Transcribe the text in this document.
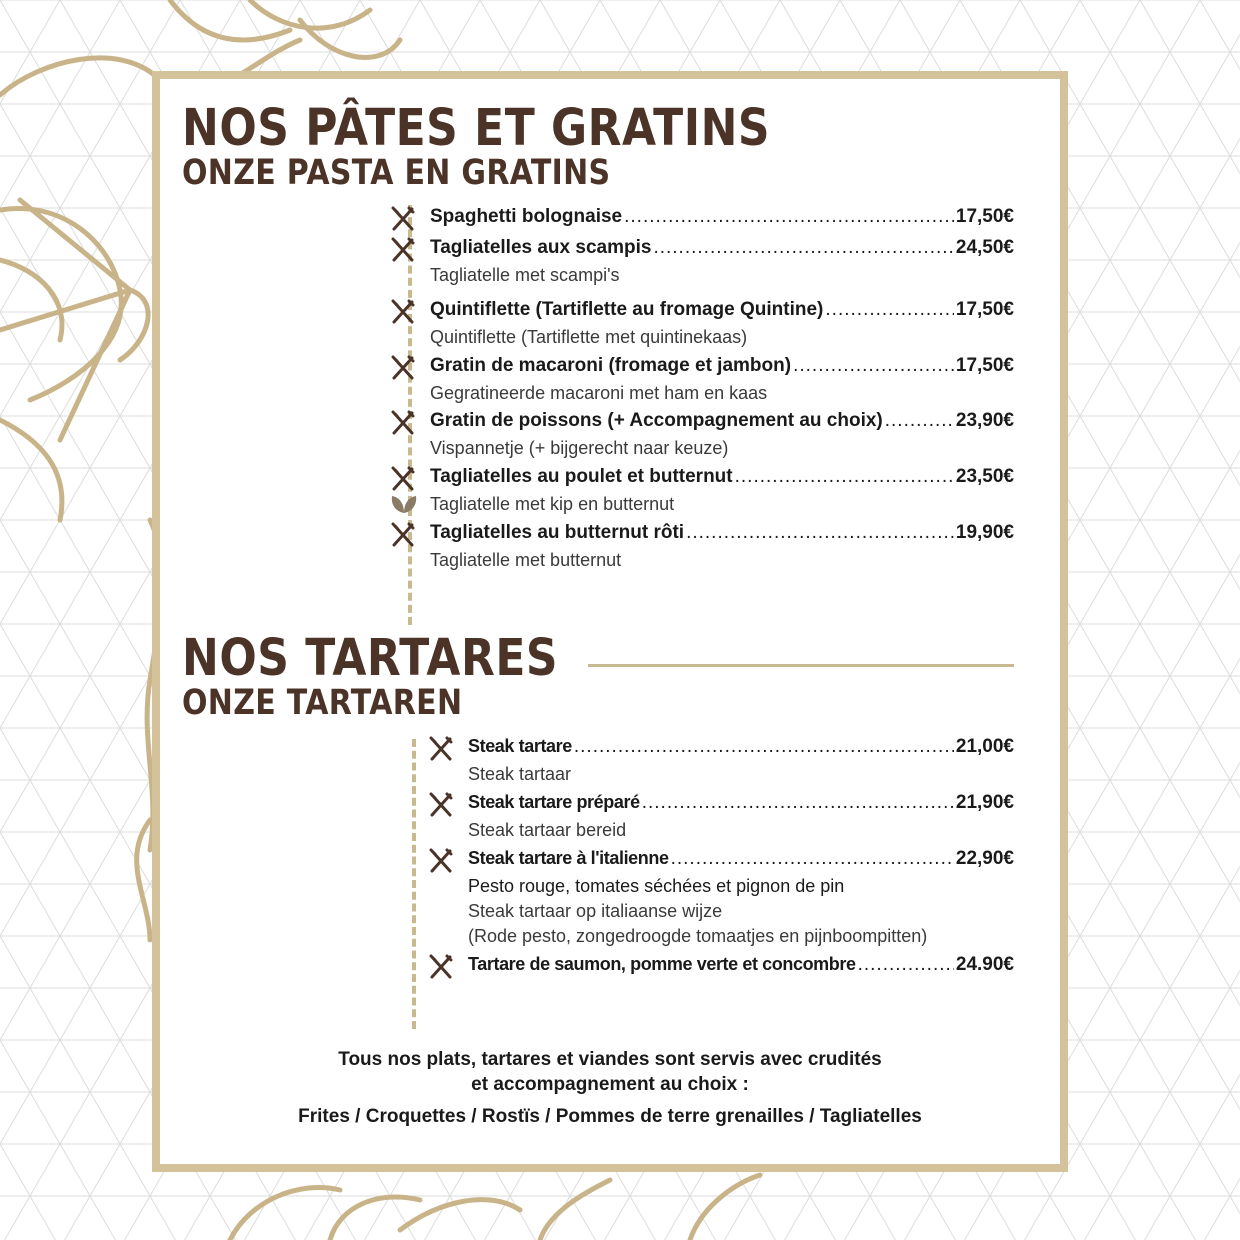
NOS PÂTES ET GRATINS
ONZE PASTA EN GRATINS
Spaghetti bolognaise .....	17,50€
Tagliatelles aux scampis .....	24,50€
Tagliatelle met scampi's
Quintiflette (Tartiflette au fromage Quintine) .....	17,50€
Quintiflette (Tartiflette met quintinekaas)
Gratin de macaroni (fromage et jambon) .....	17,50€
Gegratineerde macaroni met ham en kaas
Gratin de poissons (+ Accompagnement au choix) .....	23,90€
Vispannetje (+ bijgerecht naar keuze)
Tagliatelles au poulet et butternut .....	23,50€
Tagliatelle met kip en butternut
Tagliatelles au butternut rôti .....	19,90€
Tagliatelle met butternut
NOS TARTARES
ONZE TARTAREN
Steak tartare .....	21,00€
Steak tartaar
Steak tartare préparé .....	21,90€
Steak tartaar bereid
Steak tartare à l'italienne .....	22,90€
Pesto rouge, tomates séchées et pignon de pin
Steak tartaar op italiaanse wijze
(Rode pesto, zongedroogde tomaatjes en pijnboompitten)
Tartare de saumon, pomme verte et concombre .....	24.90€
Tous nos plats, tartares et viandes sont servis avec crudités
et accompagnement au choix :
Frites / Croquettes / Rostïs / Pommes de terre grenailles / Tagliatelles
